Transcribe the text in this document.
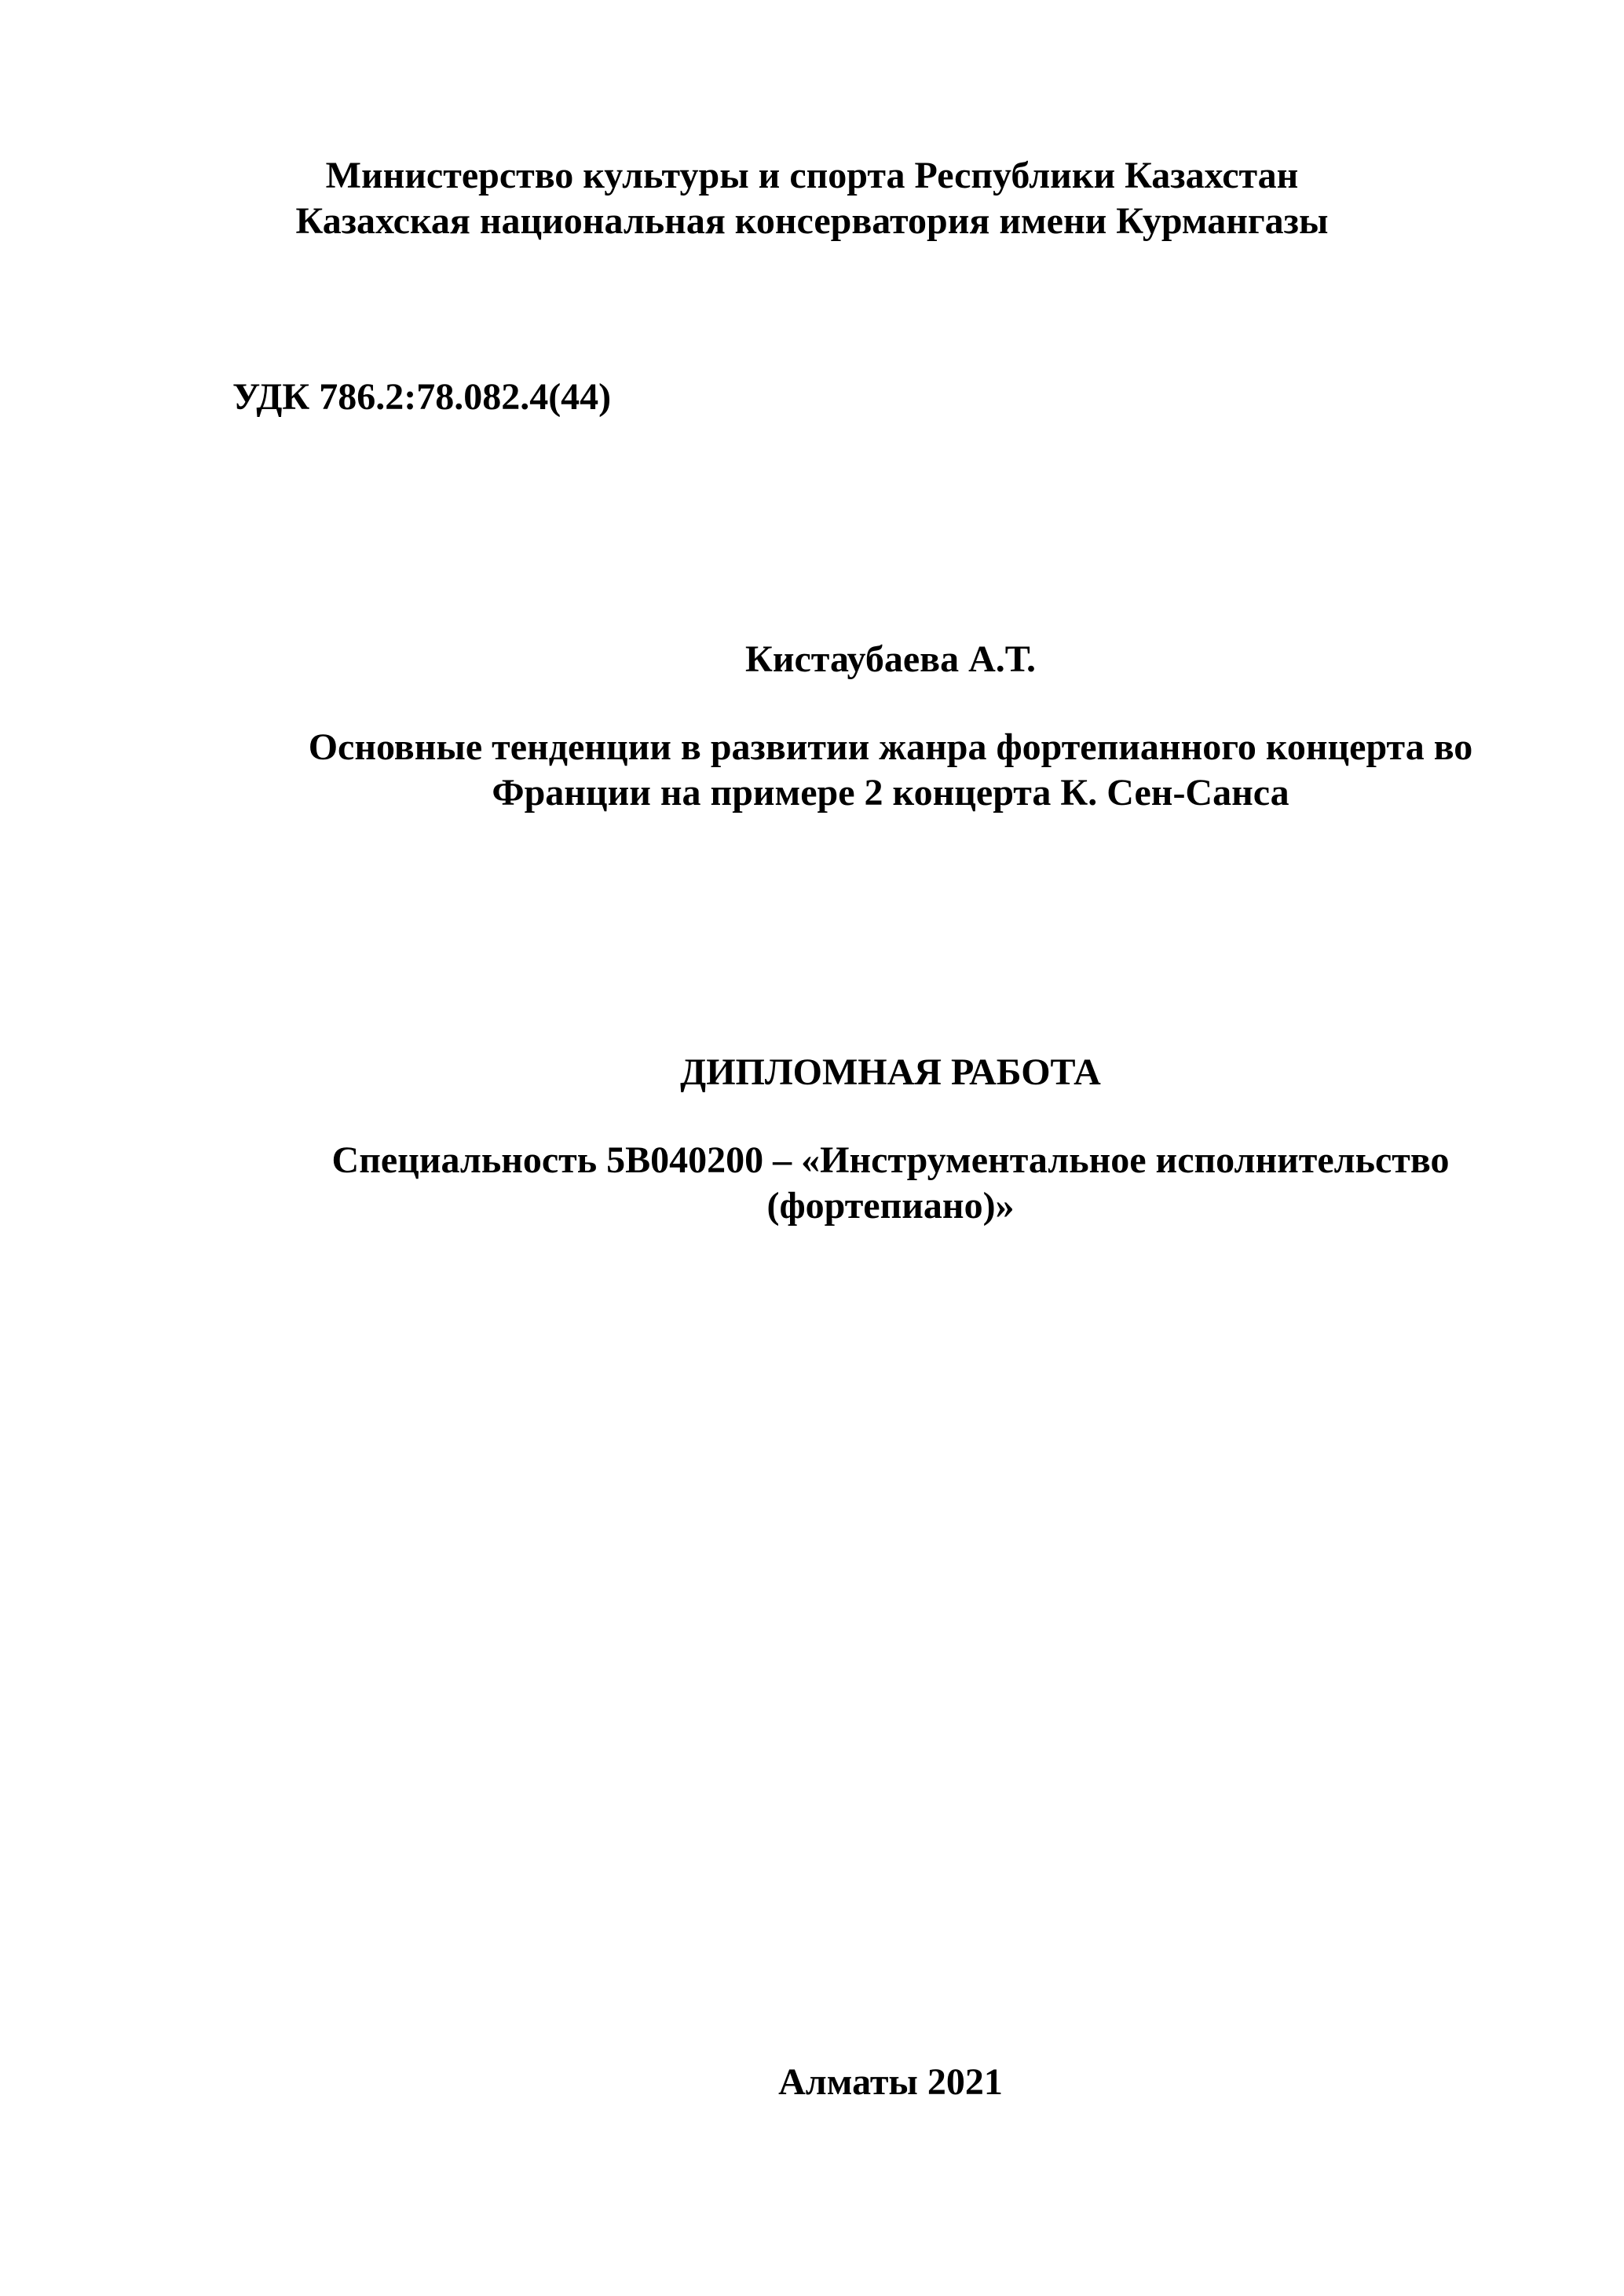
Министерство культуры и спорта Республики Казахстан

Казахская национальная консерватория имени Курмангазы

УДК 786.2:78.082.4(44)

Кистаубаева А.Т.

Основные тенденции в развитии жанра фортепианного концерта во

Франции на примере 2 концерта К. Сен-Санса

ДИПЛОМНАЯ РАБОТА

Специальность 5В040200 – «Инструментальное исполнительство

(фортепиано)»

Алматы 2021
